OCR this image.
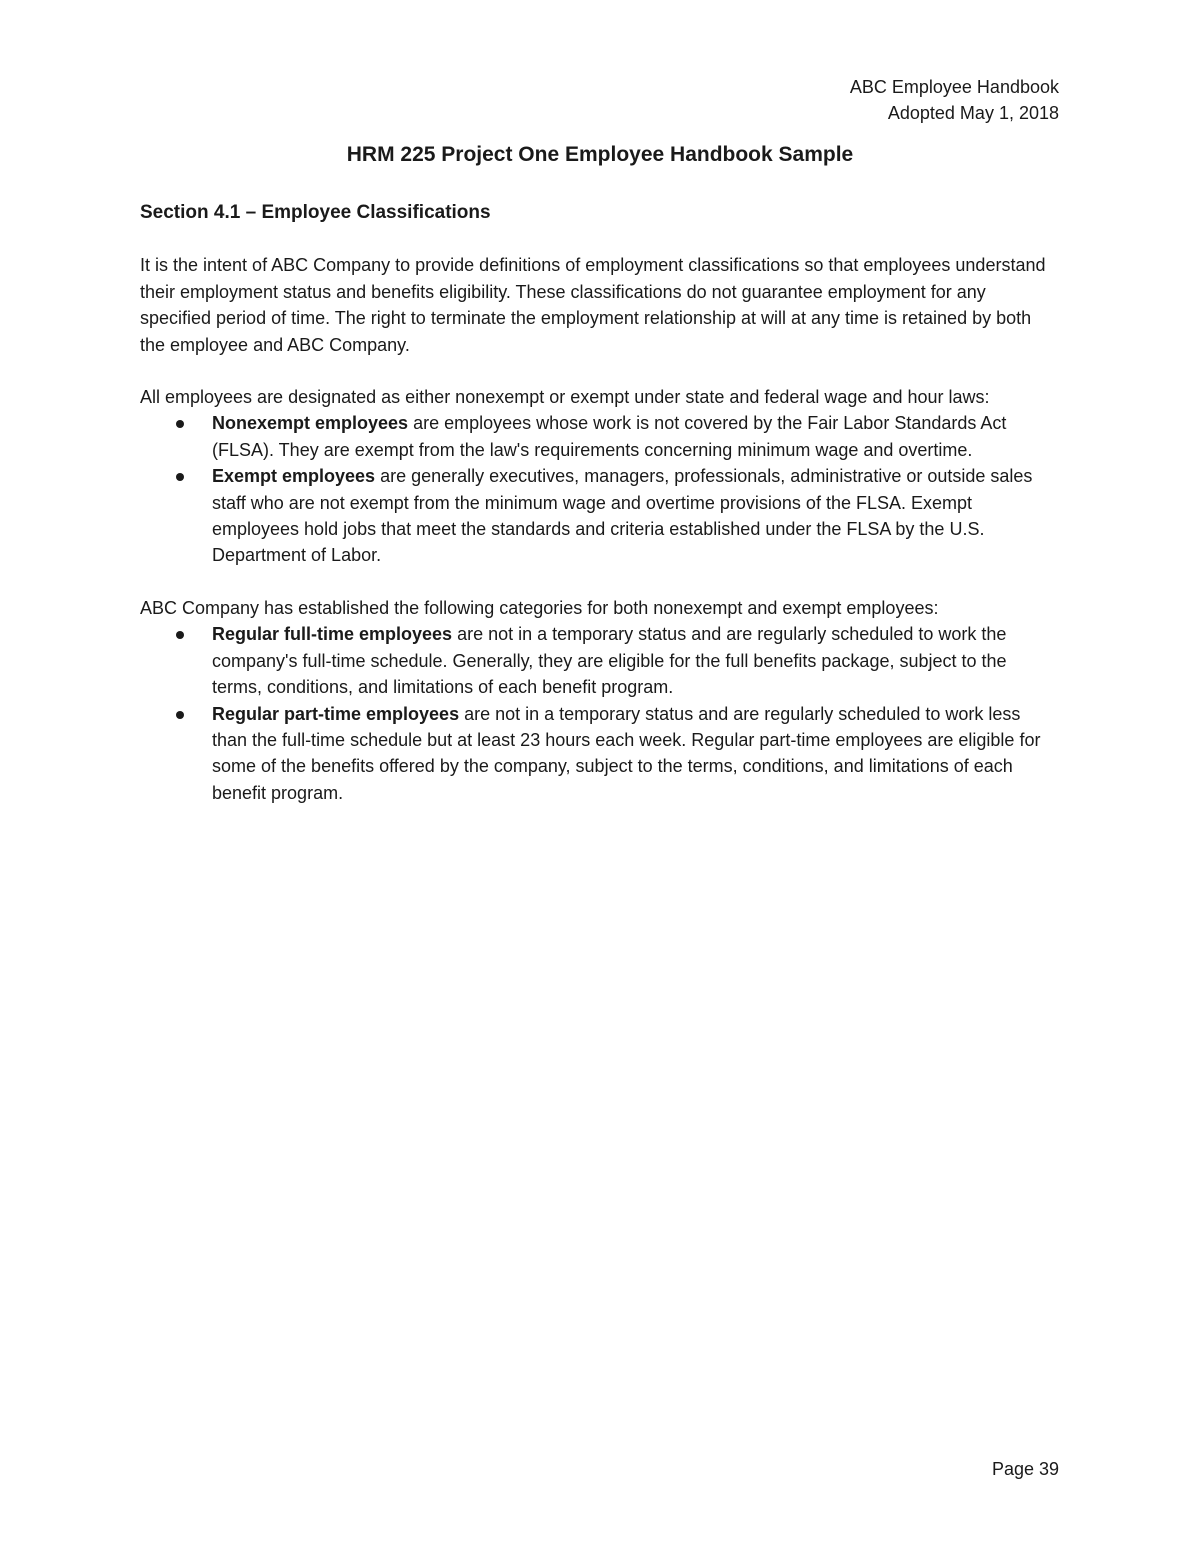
ABC Employee Handbook
Adopted May 1, 2018
HRM 225 Project One Employee Handbook Sample
Section 4.1 – Employee Classifications
It is the intent of ABC Company to provide definitions of employment classifications so that employees understand their employment status and benefits eligibility. These classifications do not guarantee employment for any specified period of time. The right to terminate the employment relationship at will at any time is retained by both the employee and ABC Company.
All employees are designated as either nonexempt or exempt under state and federal wage and hour laws:
Nonexempt employees are employees whose work is not covered by the Fair Labor Standards Act (FLSA). They are exempt from the law's requirements concerning minimum wage and overtime.
Exempt employees are generally executives, managers, professionals, administrative or outside sales staff who are not exempt from the minimum wage and overtime provisions of the FLSA. Exempt employees hold jobs that meet the standards and criteria established under the FLSA by the U.S. Department of Labor.
ABC Company has established the following categories for both nonexempt and exempt employees:
Regular full-time employees are not in a temporary status and are regularly scheduled to work the company's full-time schedule. Generally, they are eligible for the full benefits package, subject to the terms, conditions, and limitations of each benefit program.
Regular part-time employees are not in a temporary status and are regularly scheduled to work less than the full-time schedule but at least 23 hours each week. Regular part-time employees are eligible for some of the benefits offered by the company, subject to the terms, conditions, and limitations of each benefit program.
Page 39
